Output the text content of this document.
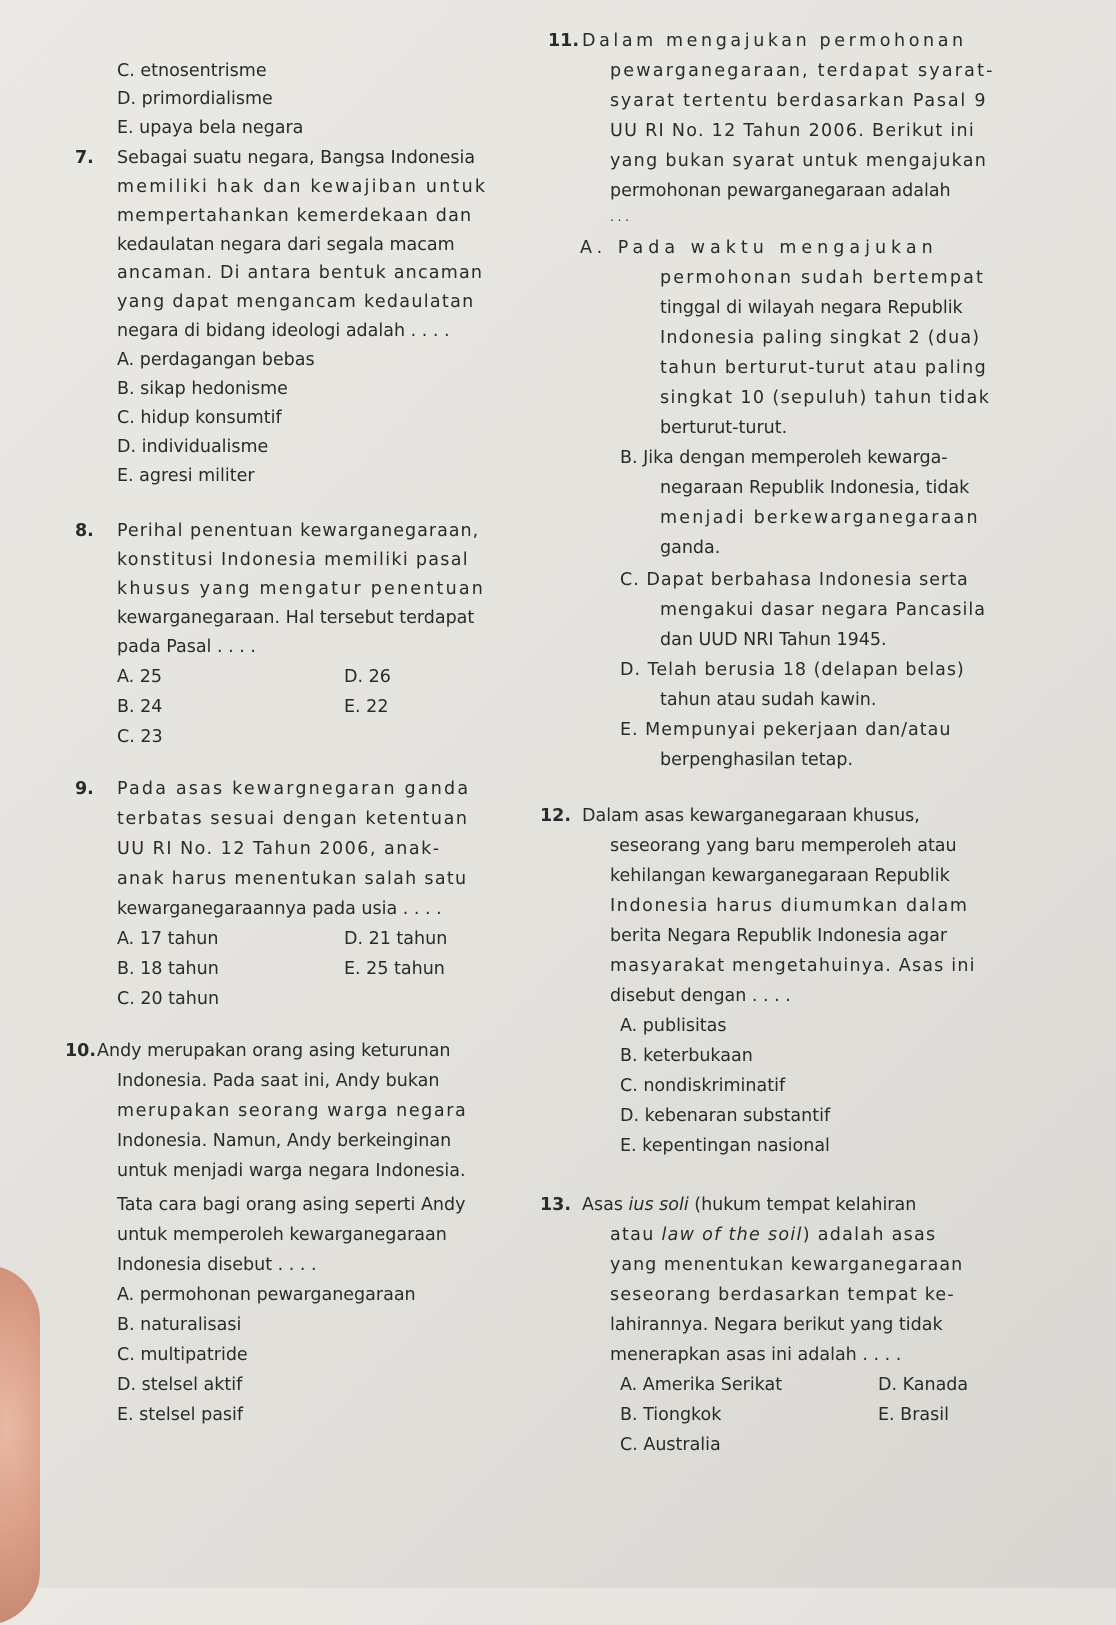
C. etnosentrisme
D. primordialisme
E. upaya bela negara
7. Sebagai suatu negara, Bangsa Indonesia
memiliki hak dan kewajiban untuk
mempertahankan kemerdekaan dan
kedaulatan negara dari segala macam
ancaman. Di antara bentuk ancaman
yang dapat mengancam kedaulatan
negara di bidang ideologi adalah . . . .
A. perdagangan bebas
B. sikap hedonisme
C. hidup konsumtif
D. individualisme
E. agresi militer
8. Perihal penentuan kewarganegaraan,
konstitusi Indonesia memiliki pasal
khusus yang mengatur penentuan
kewarganegaraan. Hal tersebut terdapat
pada Pasal . . . .
A. 25
B. 24
C. 23
D. 26
E. 22
9. Pada asas kewargnegaran ganda
terbatas sesuai dengan ketentuan
UU RI No. 12 Tahun 2006, anak-
anak harus menentukan salah satu
kewarganegaraannya pada usia . . . .
A. 17 tahun
B. 18 tahun
C. 20 tahun
D. 21 tahun
E. 25 tahun
10. Andy merupakan orang asing keturunan
Indonesia. Pada saat ini, Andy bukan
merupakan seorang warga negara
Indonesia. Namun, Andy berkeinginan
untuk menjadi warga negara Indonesia.
Tata cara bagi orang asing seperti Andy
untuk memperoleh kewarganegaraan
Indonesia disebut . . . .
A. permohonan pewarganegaraan
B. naturalisasi
C. multipatride
D. stelsel aktif
E. stelsel pasif
11. Dalam mengajukan permohonan
pewarganegaraan, terdapat syarat-
syarat tertentu berdasarkan Pasal 9
UU RI No. 12 Tahun 2006. Berikut ini
yang bukan syarat untuk mengajukan
permohonan pewarganegaraan adalah
. . .
A. Pada waktu mengajukan
permohonan sudah bertempat
tinggal di wilayah negara Republik
Indonesia paling singkat 2 (dua)
tahun berturut-turut atau paling
singkat 10 (sepuluh) tahun tidak
berturut-turut.
B. Jika dengan memperoleh kewarga-
negaraan Republik Indonesia, tidak
menjadi berkewarganegaraan
ganda.
C. Dapat berbahasa Indonesia serta
mengakui dasar negara Pancasila
dan UUD NRI Tahun 1945.
D. Telah berusia 18 (delapan belas)
tahun atau sudah kawin.
E. Mempunyai pekerjaan dan/atau
berpenghasilan tetap.
12. Dalam asas kewarganegaraan khusus,
seseorang yang baru memperoleh atau
kehilangan kewarganegaraan Republik
Indonesia harus diumumkan dalam
berita Negara Republik Indonesia agar
masyarakat mengetahuinya. Asas ini
disebut dengan . . . .
A. publisitas
B. keterbukaan
C. nondiskriminatif
D. kebenaran substantif
E. kepentingan nasional
13. Asas ius soli (hukum tempat kelahiran
atau law of the soil) adalah asas
yang menentukan kewarganegaraan
seseorang berdasarkan tempat ke-
lahirannya. Negara berikut yang tidak
menerapkan asas ini adalah . . . .
A. Amerika Serikat
B. Tiongkok
C. Australia
D. Kanada
E. Brasil
